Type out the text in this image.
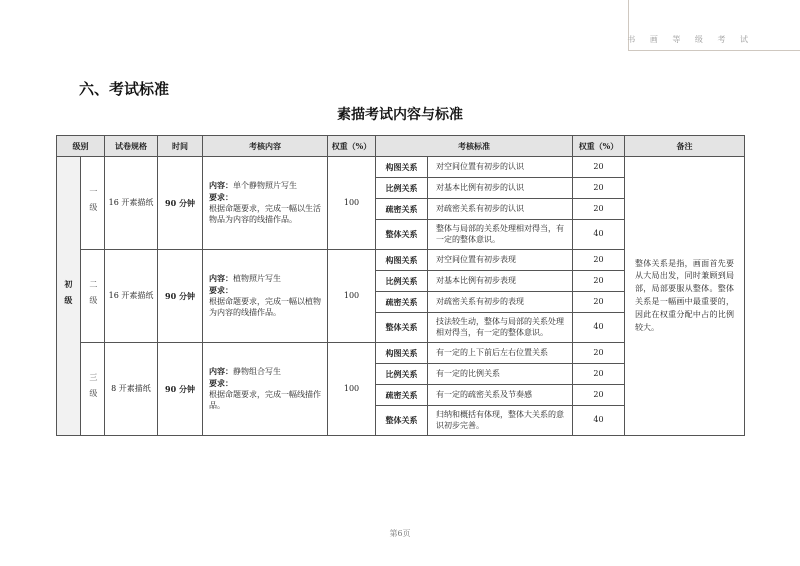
书 画 等 级 考 试
六、考试标准
素描考试内容与标准
级别		试卷规格	时间	考核内容	权重（%）	考核标准		权重（%）	备注
初级	一级	16 开素描纸	90 分钟	内容：单个静物照片写生
要求：
根据命题要求，完成一幅以生活物品为内容的线描作品。	100	构图关系	对空间位置有初步的认识	20	整体关系是指，画面首先要从大局出发，同时兼顾到局部，局部要服从整体。整体关系是一幅画中最重要的，因此在权重分配中占的比例较大。
						比例关系	对基本比例有初步的认识	20	
						疏密关系	对疏密关系有初步的认识	20	
						整体关系	整体与局部的关系处理相对得当，有一定的整体意识。	40	
	二级	16 开素描纸	90 分钟	内容：植物照片写生
要求：
根据命题要求，完成一幅以植物为内容的线描作品。	100	构图关系	对空间位置有初步表现	20	
						比例关系	对基本比例有初步表现	20	
						疏密关系	对疏密关系有初步的表现	20	
						整体关系	技法较生动，整体与局部的关系处理相对得当，有一定的整体意识。	40	
	三级	8 开素描纸	90 分钟	内容：静物组合写生
要求：
根据命题要求，完成一幅线描作品。	100	构图关系	有一定的上下前后左右位置关系	20	
						比例关系	有一定的比例关系	20	
						疏密关系	有一定的疏密关系及节奏感	20	
						整体关系	归纳和概括有体现，整体大关系的意识初步完善。	40	
第6页
